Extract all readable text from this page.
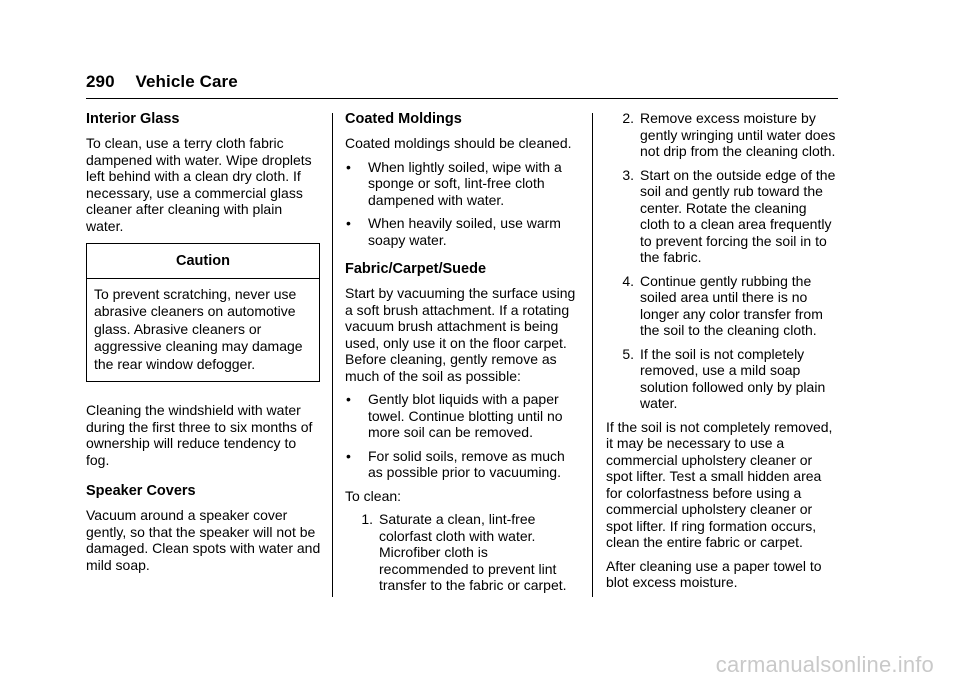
290 Vehicle Care
Interior Glass

To clean, use a terry cloth fabric dampened with water. Wipe droplets left behind with a clean dry cloth. If necessary, use a commercial glass cleaner after cleaning with plain water.

Caution
To prevent scratching, never use abrasive cleaners on automotive glass. Abrasive cleaners or aggressive cleaning may damage the rear window defogger.

Cleaning the windshield with water during the first three to six months of ownership will reduce tendency to fog.

Speaker Covers

Vacuum around a speaker cover gently, so that the speaker will not be damaged. Clean spots with water and mild soap.

Coated Moldings

Coated moldings should be cleaned.

•	When lightly soiled, wipe with a sponge or soft, lint-free cloth dampened with water.
•	When heavily soiled, use warm soapy water.
Fabric/Carpet/Suede

Start by vacuuming the surface using a soft brush attachment. If a rotating vacuum brush attachment is being used, only use it on the floor carpet. Before cleaning, gently remove as much of the soil as possible:

•	Gently blot liquids with a paper towel. Continue blotting until no more soil can be removed.
•	For solid soils, remove as much as possible prior to vacuuming.

To clean:

1. Saturate a clean, lint-free colorfast cloth with water. Microfiber cloth is recommended to prevent lint transfer to the fabric or carpet.
2. Remove excess moisture by gently wringing until water does not drip from the cleaning cloth.
3. Start on the outside edge of the soil and gently rub toward the center. Rotate the cleaning cloth to a clean area frequently to prevent forcing the soil in to the fabric.
4. Continue gently rubbing the soiled area until there is no longer any color transfer from the soil to the cleaning cloth.
5. If the soil is not completely removed, use a mild soap solution followed only by plain water.

If the soil is not completely removed, it may be necessary to use a commercial upholstery cleaner or spot lifter. Test a small hidden area for colorfastness before using a commercial upholstery cleaner or spot lifter. If ring formation occurs, clean the entire fabric or carpet.

After cleaning use a paper towel to blot excess moisture.

carmanualsonline.info
